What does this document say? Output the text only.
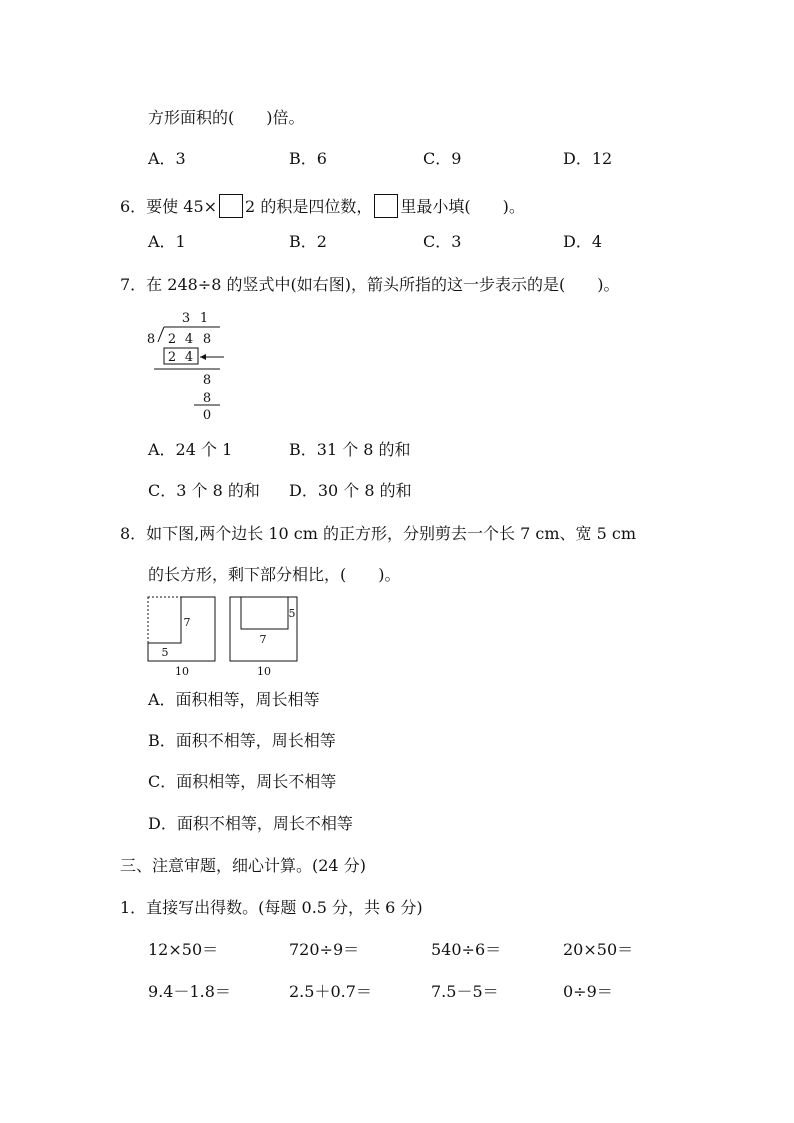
方形面积的(　　)倍。
A．3	B．6	C．9	D．12
6．要使 45× 2 的积是四位数， 里最小填(　　)。
A．1	B．2	C．3	D．4
7．在 248÷8 的竖式中(如右图)，箭头所指的这一步表示的是(　　)。
3 1
8 2 4 8
2 4
8
8
0
A．24 个 1	B．31 个 8 的和
C．3 个 8 的和 D．30 个 8 的和
8．如下图,两个边长 10 cm 的正方形，分别剪去一个长 7 cm、宽 5 cm
的长方形，剩下部分相比，(　　)。
7
5
10
5
7
10
A．面积相等，周长相等
B．面积不相等，周长相等
C．面积相等，周长不相等
D．面积不相等，周长不相等
三、注意审题，细心计算。(24 分)
1．直接写出得数。(每题 0.5 分，共 6 分)
12×50＝	720÷9＝	540÷6＝	20×50＝
9.4－1.8＝	2.5＋0.7＝	7.5－5＝	0÷9＝
